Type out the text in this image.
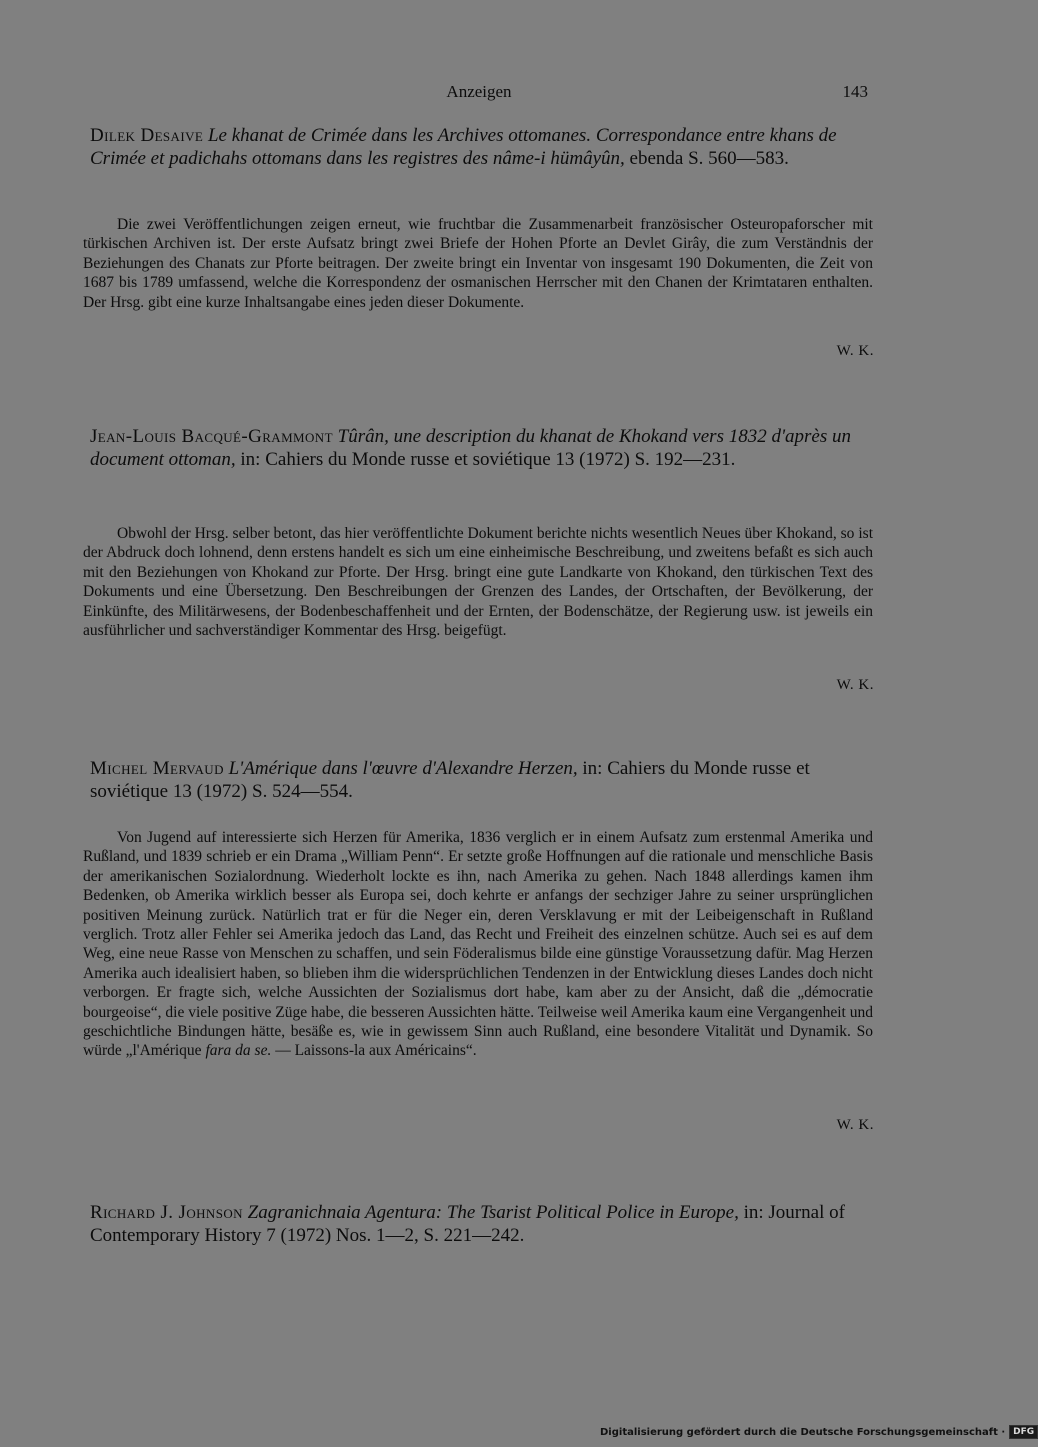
Anzeigen	143
Dilek Desaive Le khanat de Crimée dans les Archives ottomanes. Correspondance entre khans de Crimée et padichahs ottomans dans les registres des nâme-i hümâyûn, ebenda S. 560—583.

Die zwei Veröffentlichungen zeigen erneut, wie fruchtbar die Zusammenarbeit französischer Osteuropaforscher mit türkischen Archiven ist. Der erste Aufsatz bringt zwei Briefe der Hohen Pforte an Devlet Girây, die zum Verständnis der Beziehungen des Chanats zur Pforte beitragen. Der zweite bringt ein Inventar von insgesamt 190 Dokumenten, die Zeit von 1687 bis 1789 umfassend, welche die Korrespondenz der osmanischen Herrscher mit den Chanen der Krimtataren enthalten. Der Hrsg. gibt eine kurze Inhaltsangabe eines jeden dieser Dokumente.

W. K.
Jean-Louis Bacqué-Grammont Tûrân, une description du khanat de Khokand vers 1832 d'après un document ottoman, in: Cahiers du Monde russe et soviétique 13 (1972) S. 192—231.

Obwohl der Hrsg. selber betont, das hier veröffentlichte Dokument berichte nichts wesentlich Neues über Khokand, so ist der Abdruck doch lohnend, denn erstens handelt es sich um eine einheimische Beschreibung, und zweitens befaßt es sich auch mit den Beziehungen von Khokand zur Pforte. Der Hrsg. bringt eine gute Landkarte von Khokand, den türkischen Text des Dokuments und eine Übersetzung. Den Beschreibungen der Grenzen des Landes, der Ortschaften, der Bevölkerung, der Einkünfte, des Militärwesens, der Bodenbeschaffenheit und der Ernten, der Bodenschätze, der Regierung usw. ist jeweils ein ausführlicher und sachverständiger Kommentar des Hrsg. beigefügt.

W. K.
Michel Mervaud L'Amérique dans l'œuvre d'Alexandre Herzen, in: Cahiers du Monde russe et soviétique 13 (1972) S. 524—554.

Von Jugend auf interessierte sich Herzen für Amerika, 1836 verglich er in einem Aufsatz zum erstenmal Amerika und Rußland, und 1839 schrieb er ein Drama „William Penn“. Er setzte große Hoffnungen auf die rationale und menschliche Basis der amerikanischen Sozialordnung. Wiederholt lockte es ihn, nach Amerika zu gehen. Nach 1848 allerdings kamen ihm Bedenken, ob Amerika wirklich besser als Europa sei, doch kehrte er anfangs der sechziger Jahre zu seiner ursprünglichen positiven Meinung zurück. Natürlich trat er für die Neger ein, deren Versklavung er mit der Leibeigenschaft in Rußland verglich. Trotz aller Fehler sei Amerika jedoch das Land, das Recht und Freiheit des einzelnen schütze. Auch sei es auf dem Weg, eine neue Rasse von Menschen zu schaffen, und sein Föderalismus bilde eine günstige Voraussetzung dafür. Mag Herzen Amerika auch idealisiert haben, so blieben ihm die widersprüchlichen Tendenzen in der Entwicklung dieses Landes doch nicht verborgen. Er fragte sich, welche Aussichten der Sozialismus dort habe, kam aber zu der Ansicht, daß die „démocratie bourgeoise“, die viele positive Züge habe, die besseren Aussichten hätte. Teilweise weil Amerika kaum eine Vergangenheit und geschichtliche Bindungen hätte, besäße es, wie in gewissem Sinn auch Rußland, eine besondere Vitalität und Dynamik. So würde „l'Amérique fara da se. — Laissons-la aux Américains“.

W. K.
Richard J. Johnson Zagranichnaia Agentura: The Tsarist Political Police in Europe, in: Journal of Contemporary History 7 (1972) Nos. 1—2, S. 221—242.
Digitalisierung gefördert durch die Deutsche Forschungsgemeinschaft · DFG
